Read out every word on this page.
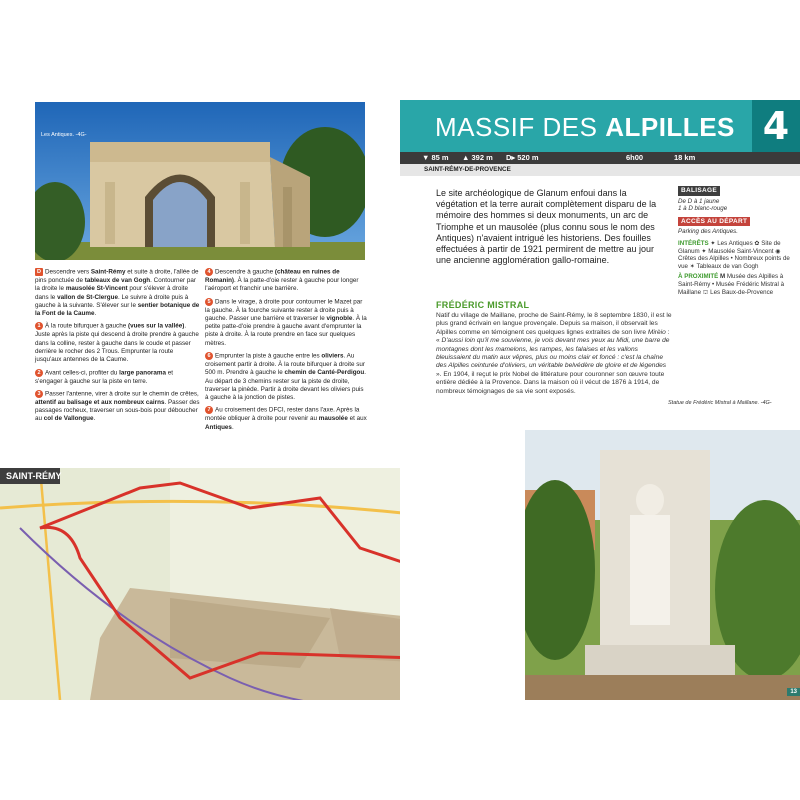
Les Antiques. -4G-

D Descendre vers Saint-Rémy et suite à droite, l'allée de pins ponctuée de tableaux de van Gogh. Contourner par la droite le mausolée St-Vincent pour s'élever à droite dans le vallon de St-Clergue. Le suivre à droite puis à gauche à la suivante. S'élever sur le sentier botanique de la Font de la Caume.

1 À la route bifurquer à gauche (vues sur la vallée). Juste après la piste qui descend à droite prendre à gauche dans la colline, rester à gauche dans le coude et passer derrière le rocher des 2 Trous. Emprunter la route jusqu'aux antennes de la Caume.

2 Avant celles-ci, profiter du large panorama et s'engager à gauche sur la piste en terre.

3 Passer l'antenne, virer à droite sur le chemin de crêtes, attentif au balisage et aux nombreux cairns. Passer des passages rocheux, traverser un sous-bois pour déboucher au col de Vallongue.

4 Descendre à gauche (château en ruines de Romanin). À la patte-d'oie rester à gauche pour longer l'aéroport et franchir une barrière.

5 Dans le virage, à droite pour contourner le Mazet par la gauche. À la fourche suivante rester à droite puis à gauche. Passer une barrière et traverser le vignoble. À la petite patte-d'oie prendre à gauche avant d'emprunter la piste à droite. À la route prendre en face sur quelques mètres.

6 Emprunter la piste à gauche entre les oliviers. Au croisement partir à droite. À la route bifurquer à droite sur 500 m. Prendre à gauche le chemin de Canté-Perdigou. Au départ de 3 chemins rester sur la piste de droite, traverser la pinède. Partir à droite devant les oliviers puis à gauche à la jonction de pistes.

7 Au croisement des DFCI, rester dans l'axe. Après la montée obliquer à droite pour revenir au mausolée et aux Antiques.

SAINT-RÉMY
MASSIF DES ALPILLES 4
▼ 85 m ▲ 392 m D▸ 520 m	6h00	18 km
SAINT-RÉMY-DE-PROVENCE
Le site archéologique de Glanum enfoui dans la végétation et la terre aurait complètement disparu de la mémoire des hommes si deux monuments, un arc de Triomphe et un mausolée (plus connu sous le nom des Antiques) n'avaient intrigué les historiens. Des fouilles effectuées à partir de 1921 permirent de mettre au jour une ancienne agglomération gallo-romaine.
FRÉDÉRIC MISTRAL
Natif du village de Maillane, proche de Saint-Rémy, le 8 septembre 1830, il est le plus grand écrivain en langue provençale. Depuis sa maison, il observait les Alpilles comme en témoignent ces quelques lignes extraites de son livre Mirèio : « D'aussi loin qu'il me souvienne, je vois devant mes yeux au Midi, une barre de montagnes dont les mamelons, les rampes, les falaises et les vallons bleuissaient du matin aux vêpres, plus ou moins clair et foncé : c'est la chaîne des Alpilles ceinturée d'oliviers, un véritable belvédère de gloire et de légendes ». En 1904, il reçut le prix Nobel de littérature pour couronner son œuvre toute entière dédiée à la Provence. Dans la maison où il vécut de 1876 à 1914, de nombreux témoignages de sa vie sont exposés.
BALISAGE
De D à 1 jaune
1 à D blanc-rouge
ACCÈS AU DÉPART
Parking des Antiques.
INTÉRÊTS ✦ Les Antiques ✿ Site de Glanum ✦ Mausolée Saint-Vincent ◉ Crêtes des Alpilles • Nombreux points de vue ✶ Tableaux de van Gogh
À PROXIMITÉ M Musée des Alpilles à Saint-Rémy • Musée Frédéric Mistral à Maillane ⛫ Les Baux-de-Provence
Statue de Frédéric Mistral à Maillane. -4G-
13
